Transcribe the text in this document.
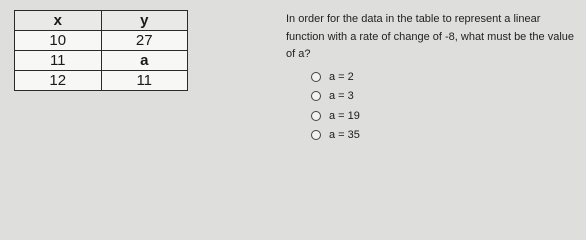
x	y
10	27
11	a
12	11
In order for the data in the table to represent a linear function with a rate of change of -8, what must be the value of a?
a = 2
a = 3
a = 19
a = 35
